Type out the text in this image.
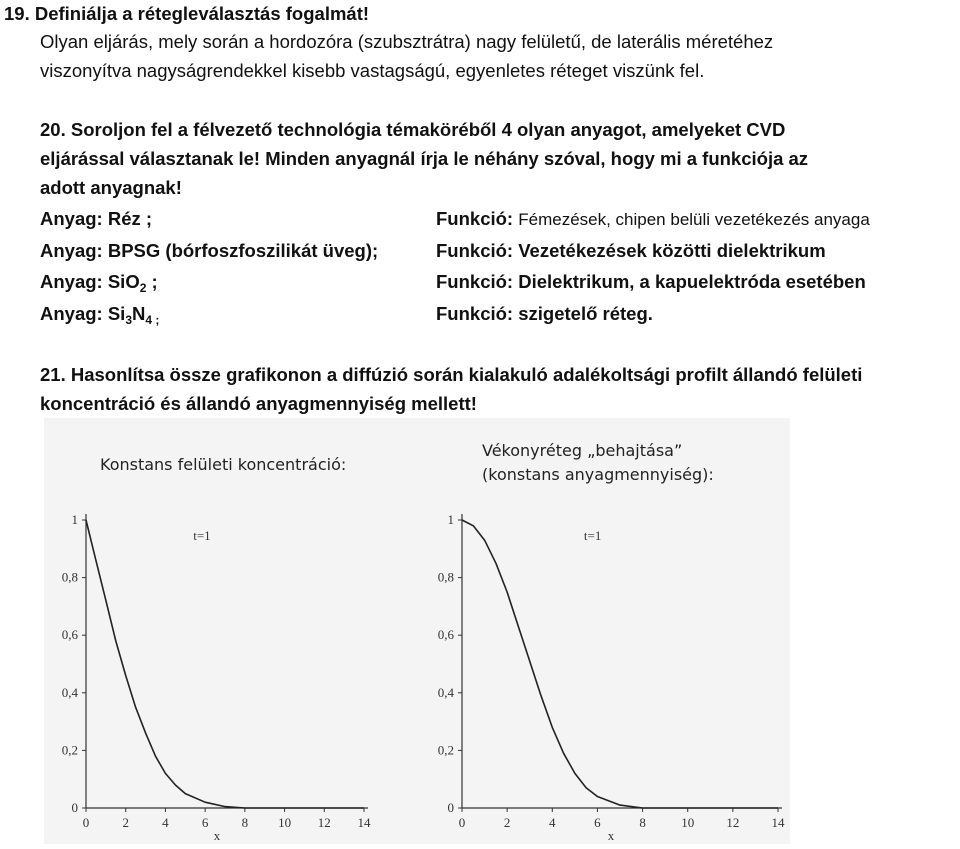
19. Definiálja a rétegleválasztás fogalmát!
Olyan eljárás, mely során a hordozóra (szubsztrátra) nagy felületű, de laterális méretéhez
viszonyítva nagyságrendekkel kisebb vastagságú, egyenletes réteget viszünk fel.
20. Soroljon fel a félvezető technológia témaköréből 4 olyan anyagot, amelyeket CVD
eljárással választanak le! Minden anyagnál írja le néhány szóval, hogy mi a funkciója az
adott anyagnak!
Anyag: Réz ;	Funkció: Fémezések, chipen belüli vezetékezés anyaga
Anyag: BPSG (bórfoszfoszilikát üveg);	Funkció: Vezetékezések közötti dielektrikum
Anyag: SiO$_2$ ;	Funkció: Dielektrikum, a kapuelektróda esetében
Anyag: $Si_3N_{4 ;}$	Funkció: szigetelő réteg.
21. Hasonlítsa össze grafikonon a diffúzió során kialakuló adalékoltsági profilt állandó felületi
koncentráció és állandó anyagmennyiség mellett!
Konstans felületi koncentráció:
0
0,2
0,4
0,6
0,8
1
0	2	4	6	8 10 12 14
x
t=1
Vékonyréteg „behajtása”
(konstans anyagmennyiség):
0
0,2
0,4
0,6
0,8
1
0	2	4	6	8	10 12 14
x
t=1
